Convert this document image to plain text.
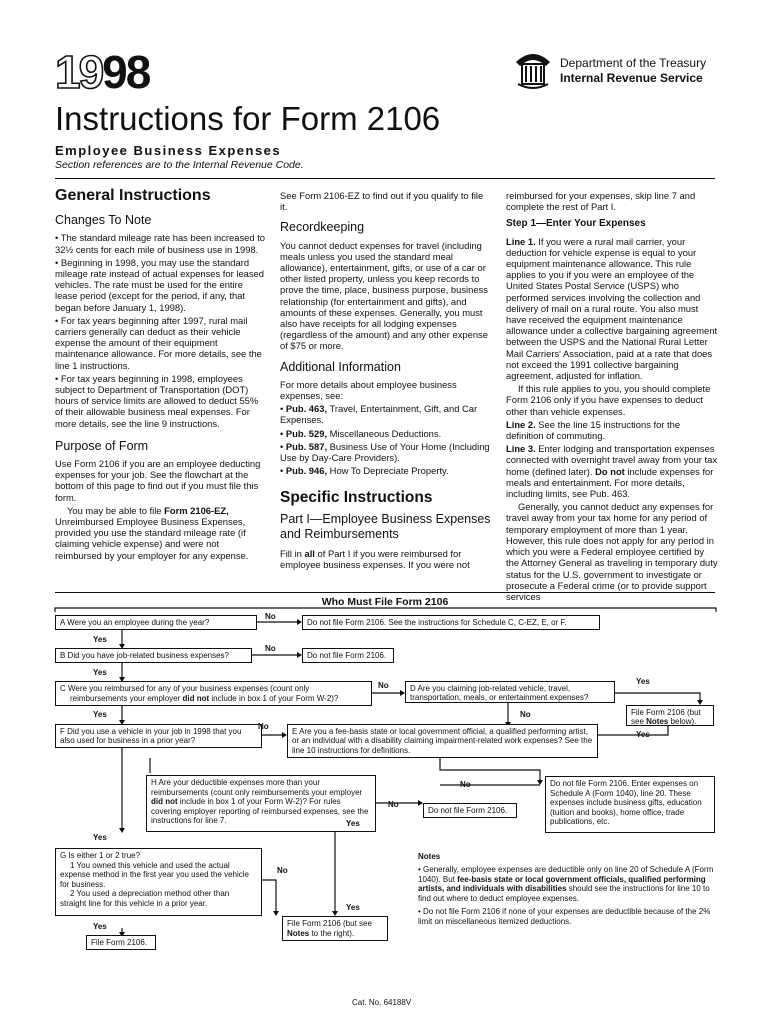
1998	Department of the Treasury
Internal Revenue Service
Instructions for Form 2106
Employee Business Expenses
Section references are to the Internal Revenue Code.
General Instructions
Changes To Note

• The standard mileage rate has been increased to 32½ cents for each mile of business use in 1998.

• Beginning in 1998, you may use the standard mileage rate instead of actual expenses for leased vehicles. The rate must be used for the entire lease period (except for the period, if any, that began before January 1, 1998).

• For tax years beginning after 1997, rural mail carriers generally can deduct as their vehicle expense the amount of their equipment maintenance allowance. For more details, see the line 1 instructions.

• For tax years beginning in 1998, employees subject to Department of Transportation (DOT) hours of service limits are allowed to deduct 55% of their allowable business meal expenses. For more details, see the line 9 instructions.

Purpose of Form

Use Form 2106 if you are an employee deducting expenses for your job. See the flowchart at the bottom of this page to find out if you must file this form.

You may be able to file Form 2106-EZ, Unreimbursed Employee Business Expenses, provided you use the standard mileage rate (if claiming vehicle expense) and were not reimbursed by your employer for any expense.

See Form 2106-EZ to find out if you qualify to file it.

Recordkeeping

You cannot deduct expenses for travel (including meals unless you used the standard meal allowance), entertainment, gifts, or use of a car or other listed property, unless you keep records to prove the time, place, business purpose, business relationship (for entertainment and gifts), and amounts of these expenses. Generally, you must also have receipts for all lodging expenses (regardless of the amount) and any other expense of $75 or more.

Additional Information

For more details about employee business expenses, see:

• Pub. 463, Travel, Entertainment, Gift, and Car Expenses.

• Pub. 529, Miscellaneous Deductions.

• Pub. 587, Business Use of Your Home (Including Use by Day-Care Providers).

• Pub. 946, How To Depreciate Property.

Specific Instructions
Part I—Employee Business Expenses and Reimbursements

Fill in all of Part I if you were reimbursed for employee business expenses. If you were not

reimbursed for your expenses, skip line 7 and complete the rest of Part I.

Step 1—Enter Your Expenses

Line 1. If you were a rural mail carrier, your deduction for vehicle expense is equal to your equipment maintenance allowance. This rule applies to you if you were an employee of the United States Postal Service (USPS) who performed services involving the collection and delivery of mail on a rural route. You also must have received the equipment maintenance allowance under a collective bargaining agreement between the USPS and the National Rural Letter Mail Carriers' Association, paid at a rate that does not exceed the 1991 collective bargaining agreement, adjusted for inflation.

If this rule applies to you, you should complete Form 2106 only if you have expenses to deduct other than vehicle expenses.

Line 2. See the line 15 instructions for the definition of commuting.

Line 3. Enter lodging and transportation expenses connected with overnight travel away from your tax home (defined later). Do not include expenses for meals and entertainment. For more details, including limits, see Pub. 463.

Generally, you cannot deduct any expenses for travel away from your tax home for any period of temporary employment of more than 1 year. However, this rule does not apply for any period in which you were a Federal employee certified by the Attorney General as traveling in temporary duty status for the U.S. government to investigate or prosecute a Federal crime (or to provide support services

Who Must File Form 2106
A Were you an employee during the year?
No
Do not file Form 2106. See the instructions for Schedule C, C-EZ, E, or F.
Yes
B Did you have job-related business expenses?
No
Do not file Form 2106.
Yes
C Were you reimbursed for any of your business expenses (count only
reimbursements your employer did not include in box 1 of your Form W-2)?
No	D Are you claiming job-related vehicle, travel, transportation, meals, or entertainment expenses?
Yes
File Form 2106 (but see Notes below).
No
Yes
F Did you use a vehicle in your job in 1998 that you also used for business in a prior year?
No
E Are you a fee-basis state or local government official, a qualified performing artist, or an individual with a disability claiming impairment-related work expenses? See the line 10 instructions for definitions.
Yes
No	Do not file Form 2106. Enter expenses on Schedule A (Form 1040), line 20. These expenses include business gifts, education (tuition and books), home office, trade publications, etc.
H Are your deductible expenses more than your reimbursements (count only reimbursements your employer did not include in box 1 of your Form W-2)? For rules covering employer reporting of reimbursed expenses, see the instructions for line 7.
No
Do not file Form 2106.
Yes
Yes
G Is either 1 or 2 true?
1 You owned this vehicle and used the actual expense method in the first year you used the vehicle for business.
2 You used a depreciation method other than straight line for this vehicle in a prior year.
No
Yes
File Form 2106.
Yes
File Form 2106 (but see Notes to the right).

Notes

• Generally, employee expenses are deductible only on line 20 of Schedule A (Form 1040). But fee-basis state or local government officials, qualified performing artists, and individuals with disabilities should see the instructions for line 10 to find out where to deduct employee expenses.

• Do not file Form 2106 if none of your expenses are deductible because of the 2% limit on miscellaneous itemized deductions.

Cat. No. 64188V
